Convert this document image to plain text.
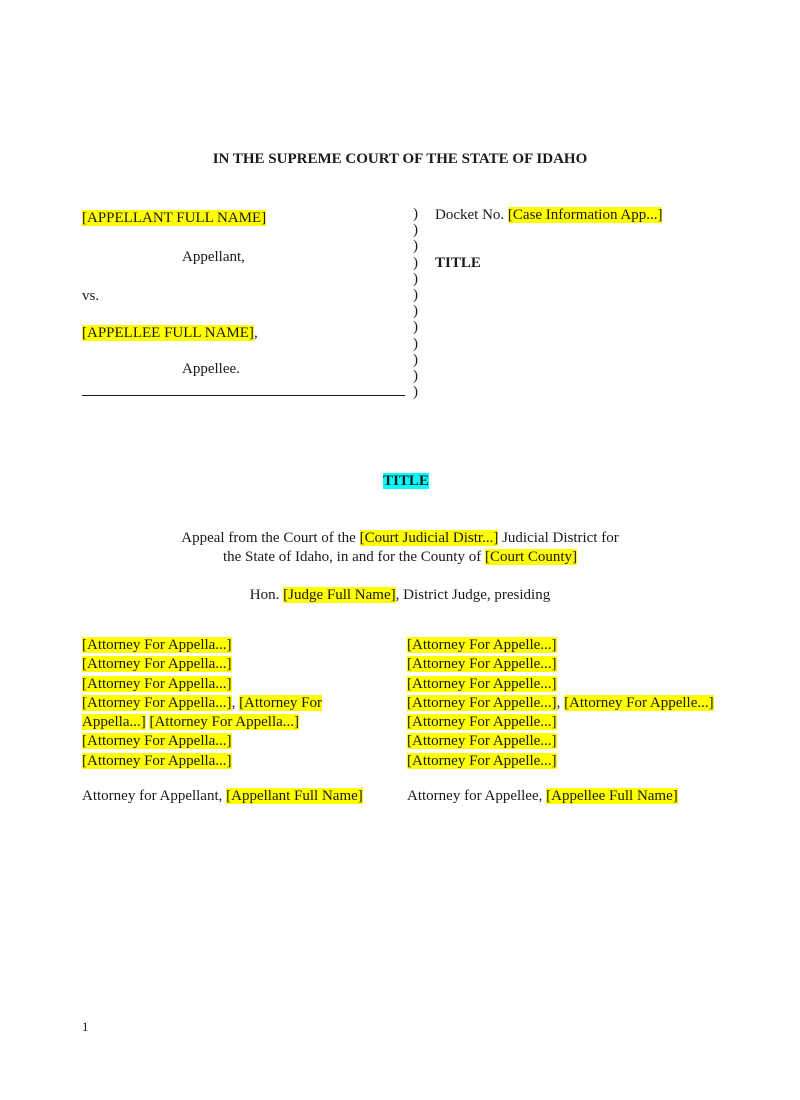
IN THE SUPREME COURT OF THE STATE OF IDAHO
[APPELLANT FULL NAME]
Appellant,
vs.
[APPELLEE FULL NAME],
Appellee.
)
)
)
)
)
)
)
)
)
)
)
)
Docket No. [Case Information App...]
TITLE
TITLE
Appeal from the Court of the [Court Judicial Distr...] Judicial District for
the State of Idaho, in and for the County of [Court County]
Hon. [Judge Full Name], District Judge, presiding
[Attorney For Appella...]
[Attorney For Appella...]
[Attorney For Appella...]
[Attorney For Appella...], [Attorney For Appella...] [Attorney For Appella...]
[Attorney For Appella...]
[Attorney For Appella...]
Attorney for Appellant, [Appellant Full Name]
[Attorney For Appelle...]
[Attorney For Appelle...]
[Attorney For Appelle...]
[Attorney For Appelle...], [Attorney For Appelle...] [Attorney For Appelle...]
[Attorney For Appelle...]
[Attorney For Appelle...]
Attorney for Appellee, [Appellee Full Name]
1
